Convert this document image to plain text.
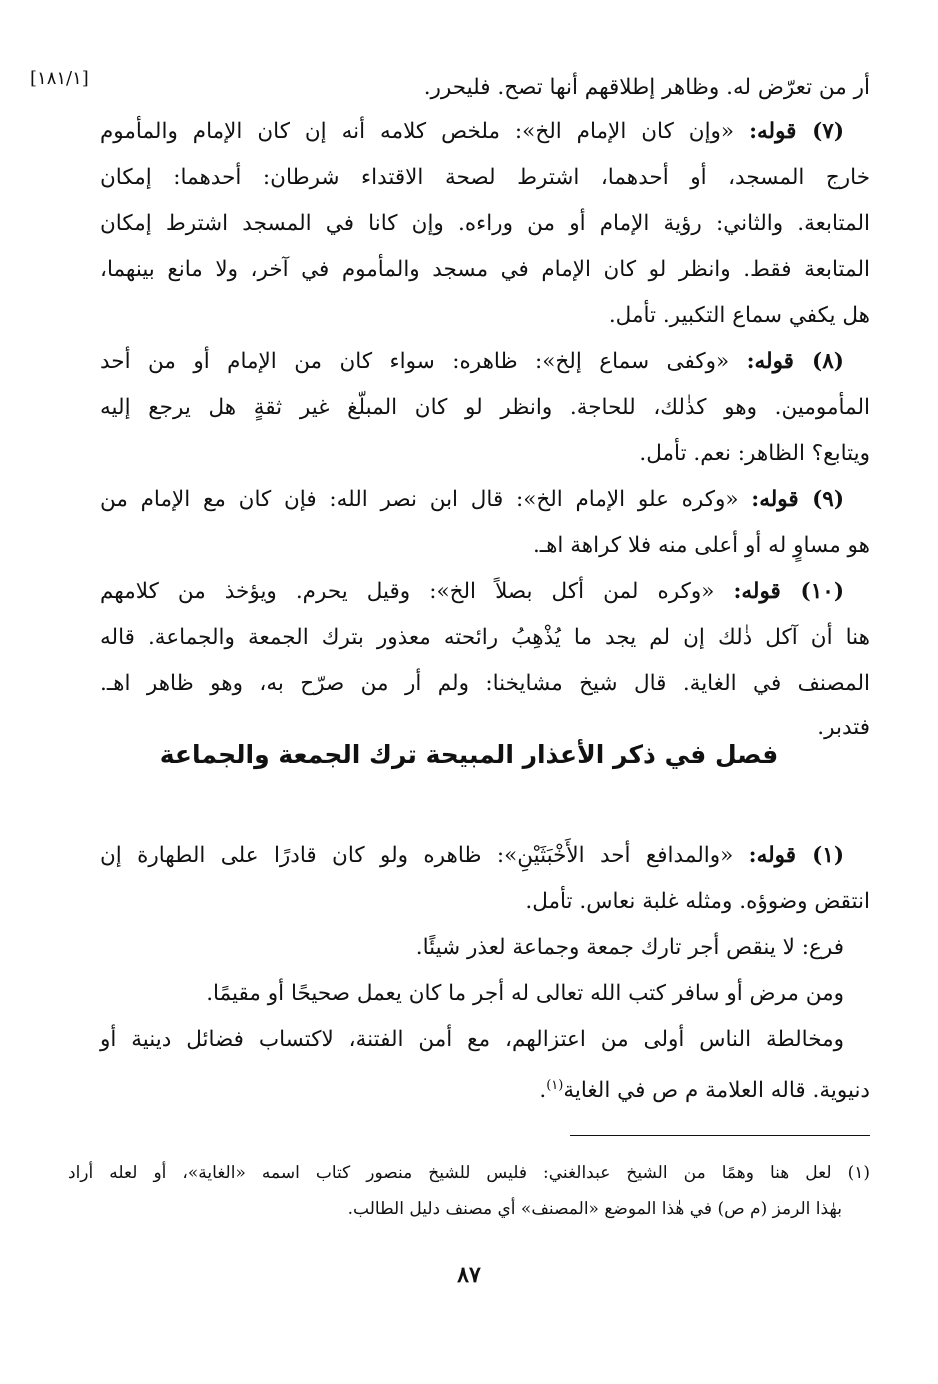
[١٨١/١]	أر من تعرّض له. وظاهر إطلاقهم أنها تصح. فليحرر.
(٧) قوله: «وإن كان الإمام الخ»: ملخص كلامه أنه إن كان الإمام والمأموم
خارج المسجد، أو أحدهما، اشترط لصحة الاقتداء شرطان: أحدهما: إمكان
المتابعة. والثاني: رؤية الإمام أو من وراءه. وإن كانا في المسجد اشترط إمكان
المتابعة فقط. وانظر لو كان الإمام في مسجد والمأموم في آخر، ولا مانع بينهما،
هل يكفي سماع التكبير. تأمل.
(٨) قوله: «وكفى سماع إلخ»: ظاهره: سواء كان من الإمام أو من أحد
المأمومين. وهو كذٰلك، للحاجة. وانظر لو كان المبلّغ غير ثقةٍ هل يرجع إليه
ويتابع؟ الظاهر: نعم. تأمل.
(٩) قوله: «وكره علو الإمام الخ»: قال ابن نصر الله: فإن كان مع الإمام من
هو مساوٍ له أو أعلى منه فلا كراهة اهـ.
(١٠) قوله: «وكره لمن أكل بصلاً الخ»: وقيل يحرم. ويؤخذ من كلامهم
هنا أن آكل ذٰلك إن لم يجد ما يُذْهِبُ رائحته معذور بترك الجمعة والجماعة. قاله
المصنف في الغاية. قال شيخ مشايخنا: ولم أر من صرّح به، وهو ظاهر اهـ.
فتدبر.
فصل في ذكر الأعذار المبيحة ترك الجمعة والجماعة
(١) قوله: «والمدافع أحد الأَخْبَثَيْنِ»: ظاهره ولو كان قادرًا على الطهارة إن
انتقض وضوؤه. ومثله غلبة نعاس. تأمل.
فرع: لا ينقص أجر تارك جمعة وجماعة لعذر شيئًا.
ومن مرض أو سافر كتب الله تعالى له أجر ما كان يعمل صحيحًا أو مقيمًا.
ومخالطة الناس أولى من اعتزالهم، مع أمن الفتنة، لاكتساب فضائل دينية أو
دنيوية. قاله العلامة م ص في الغاية$^{(١)}$.
(١) لعل هنا وهمًا من الشيخ عبدالغني: فليس للشيخ منصور كتاب اسمه «الغاية»، أو لعله أراد
بهٰذا الرمز (م ص) في هٰذا الموضع «المصنف» أي مصنف دليل الطالب.
٨٧
